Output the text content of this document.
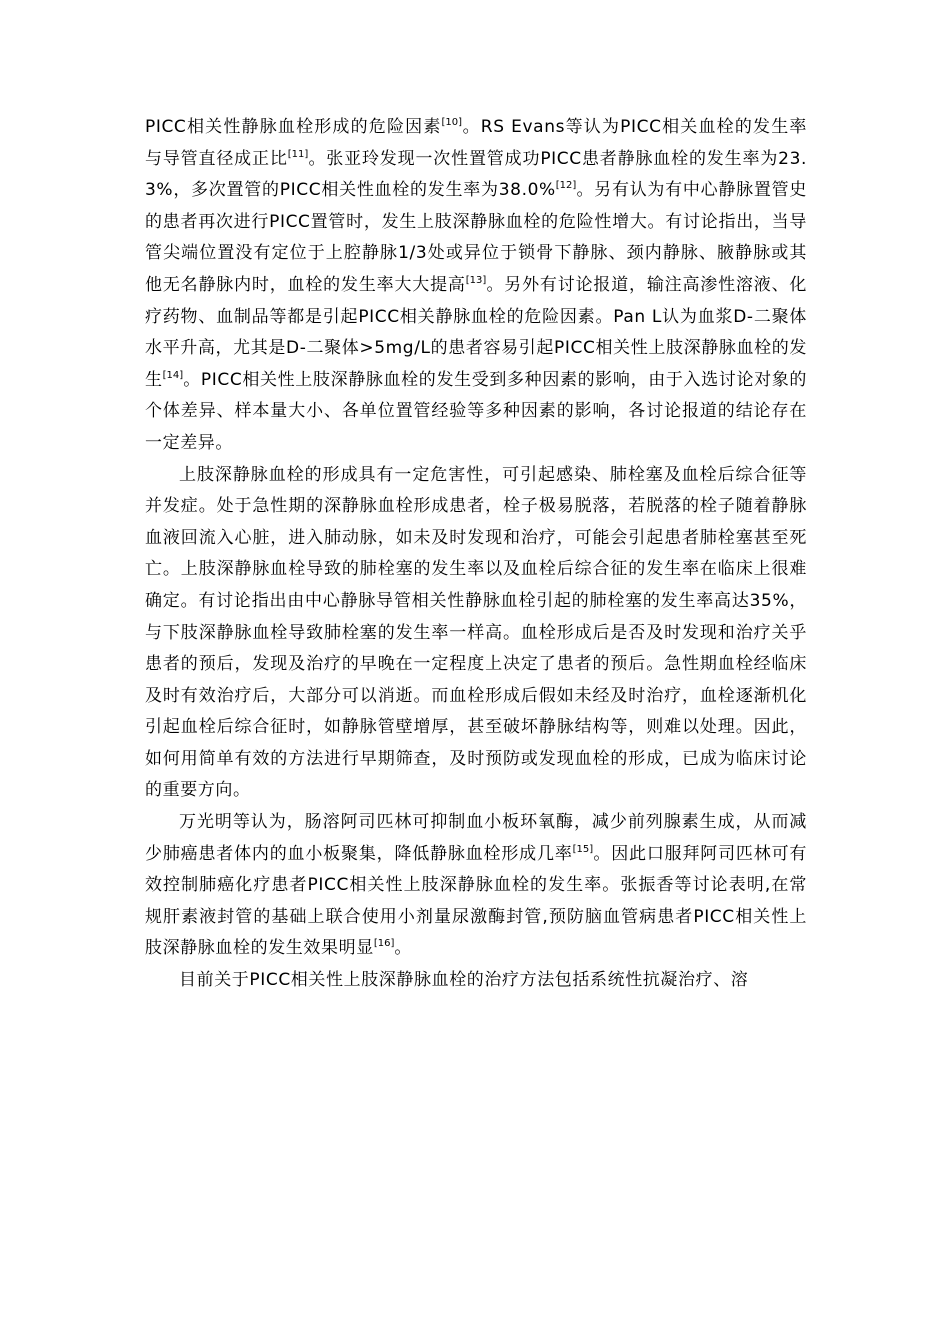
PICC相关性静脉血栓形成的危险因素[10]。RS Evans等认为PICC相关血栓的发生率与导管直径成正比[11]。张亚玲发现一次性置管成功PICC患者静脉血栓的发生率为23.3%，多次置管的PICC相关性血栓的发生率为38.0%[12]。另有认为有中心静脉置管史的患者再次进行PICC置管时，发生上肢深静脉血栓的危险性增大。有讨论指出，当导管尖端位置没有定位于上腔静脉1/3处或异位于锁骨下静脉、颈内静脉、腋静脉或其他无名静脉内时，血栓的发生率大大提高[13]。另外有讨论报道，输注高渗性溶液、化疗药物、血制品等都是引起PICC相关静脉血栓的危险因素。Pan L认为血浆D-二聚体水平升高，尤其是D-二聚体>5mg/L的患者容易引起PICC相关性上肢深静脉血栓的发生[14]。PICC相关性上肢深静脉血栓的发生受到多种因素的影响，由于入选讨论对象的个体差异、样本量大小、各单位置管经验等多种因素的影响，各讨论报道的结论存在一定差异。

上肢深静脉血栓的形成具有一定危害性，可引起感染、肺栓塞及血栓后综合征等并发症。处于急性期的深静脉血栓形成患者，栓子极易脱落，若脱落的栓子随着静脉血液回流入心脏，进入肺动脉，如未及时发现和治疗，可能会引起患者肺栓塞甚至死亡。上肢深静脉血栓导致的肺栓塞的发生率以及血栓后综合征的发生率在临床上很难确定。有讨论指出由中心静脉导管相关性静脉血栓引起的肺栓塞的发生率高达35%，与下肢深静脉血栓导致肺栓塞的发生率一样高。血栓形成后是否及时发现和治疗关乎患者的预后，发现及治疗的早晚在一定程度上决定了患者的预后。急性期血栓经临床及时有效治疗后，大部分可以消逝。而血栓形成后假如未经及时治疗，血栓逐渐机化引起血栓后综合征时，如静脉管壁增厚，甚至破坏静脉结构等，则难以处理。因此，如何用简单有效的方法进行早期筛查，及时预防或发现血栓的形成，已成为临床讨论的重要方向。

万光明等认为，肠溶阿司匹林可抑制血小板环氧酶，减少前列腺素生成，从而减少肺癌患者体内的血小板聚集，降低静脉血栓形成几率[15]。因此口服拜阿司匹林可有效控制肺癌化疗患者PICC相关性上肢深静脉血栓的发生率。张振香等讨论表明,在常规肝素液封管的基础上联合使用小剂量尿激酶封管,预防脑血管病患者PICC相关性上肢深静脉血栓的发生效果明显[16]。

目前关于PICC相关性上肢深静脉血栓的治疗方法包括系统性抗凝治疗、溶
